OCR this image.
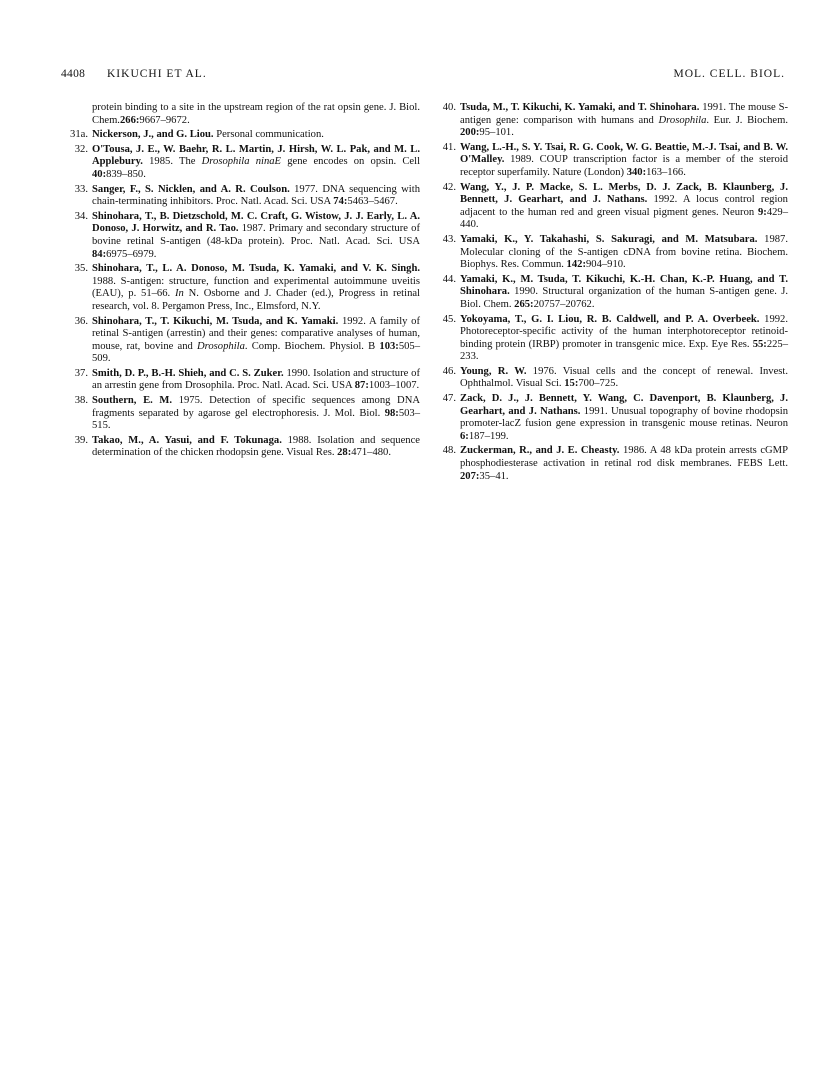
4408 KIKUCHI ET AL.	MOL. CELL. BIOL.
protein binding to a site in the upstream region of the rat opsin gene. J. Biol. Chem.266:9667–9672.
31a. Nickerson, J., and G. Liou. Personal communication.
32. O'Tousa, J. E., W. Baehr, R. L. Martin, J. Hirsh, W. L. Pak, and M. L. Applebury. 1985. The Drosophila ninaE gene encodes on opsin. Cell 40:839–850.
33. Sanger, F., S. Nicklen, and A. R. Coulson. 1977. DNA sequencing with chain-terminating inhibitors. Proc. Natl. Acad. Sci. USA 74:5463–5467.
34. Shinohara, T., B. Dietzschold, M. C. Craft, G. Wistow, J. J. Early, L. A. Donoso, J. Horwitz, and R. Tao. 1987. Primary and secondary structure of bovine retinal S-antigen (48-kDa protein). Proc. Natl. Acad. Sci. USA 84:6975–6979.
35. Shinohara, T., L. A. Donoso, M. Tsuda, K. Yamaki, and V. K. Singh. 1988. S-antigen: structure, function and experimental autoimmune uveitis (EAU), p. 51–66. In N. Osborne and J. Chader (ed.), Progress in retinal research, vol. 8. Pergamon Press, Inc., Elmsford, N.Y.
36. Shinohara, T., T. Kikuchi, M. Tsuda, and K. Yamaki. 1992. A family of retinal S-antigen (arrestin) and their genes: comparative analyses of human, mouse, rat, bovine and Drosophila. Comp. Biochem. Physiol. B 103:505–509.
37. Smith, D. P., B.-H. Shieh, and C. S. Zuker. 1990. Isolation and structure of an arrestin gene from Drosophila. Proc. Natl. Acad. Sci. USA 87:1003–1007.
38. Southern, E. M. 1975. Detection of specific sequences among DNA fragments separated by agarose gel electrophoresis. J. Mol. Biol. 98:503–515.
39. Takao, M., A. Yasui, and F. Tokunaga. 1988. Isolation and sequence determination of the chicken rhodopsin gene. Visual Res. 28:471–480.
40. Tsuda, M., T. Kikuchi, K. Yamaki, and T. Shinohara. 1991. The mouse S-antigen gene: comparison with humans and Drosophila. Eur. J. Biochem. 200:95–101.
41. Wang, L.-H., S. Y. Tsai, R. G. Cook, W. G. Beattie, M.-J. Tsai, and B. W. O'Malley. 1989. COUP transcription factor is a member of the steroid receptor superfamily. Nature (London) 340:163–166.
42. Wang, Y., J. P. Macke, S. L. Merbs, D. J. Zack, B. Klaunberg, J. Bennett, J. Gearhart, and J. Nathans. 1992. A locus control region adjacent to the human red and green visual pigment genes. Neuron 9:429–440.
43. Yamaki, K., Y. Takahashi, S. Sakuragi, and M. Matsubara. 1987. Molecular cloning of the S-antigen cDNA from bovine retina. Biochem. Biophys. Res. Commun. 142:904–910.
44. Yamaki, K., M. Tsuda, T. Kikuchi, K.-H. Chan, K.-P. Huang, and T. Shinohara. 1990. Structural organization of the human S-antigen gene. J. Biol. Chem. 265:20757–20762.
45. Yokoyama, T., G. I. Liou, R. B. Caldwell, and P. A. Overbeek. 1992. Photoreceptor-specific activity of the human interphotoreceptor retinoid-binding protein (IRBP) promoter in transgenic mice. Exp. Eye Res. 55:225–233.
46. Young, R. W. 1976. Visual cells and the concept of renewal. Invest. Ophthalmol. Visual Sci. 15:700–725.
47. Zack, D. J., J. Bennett, Y. Wang, C. Davenport, B. Klaunberg, J. Gearhart, and J. Nathans. 1991. Unusual topography of bovine rhodopsin promoter-lacZ fusion gene expression in transgenic mouse retinas. Neuron 6:187–199.
48. Zuckerman, R., and J. E. Cheasty. 1986. A 48 kDa protein arrests cGMP phosphodiesterase activation in retinal rod disk membranes. FEBS Lett. 207:35–41.
